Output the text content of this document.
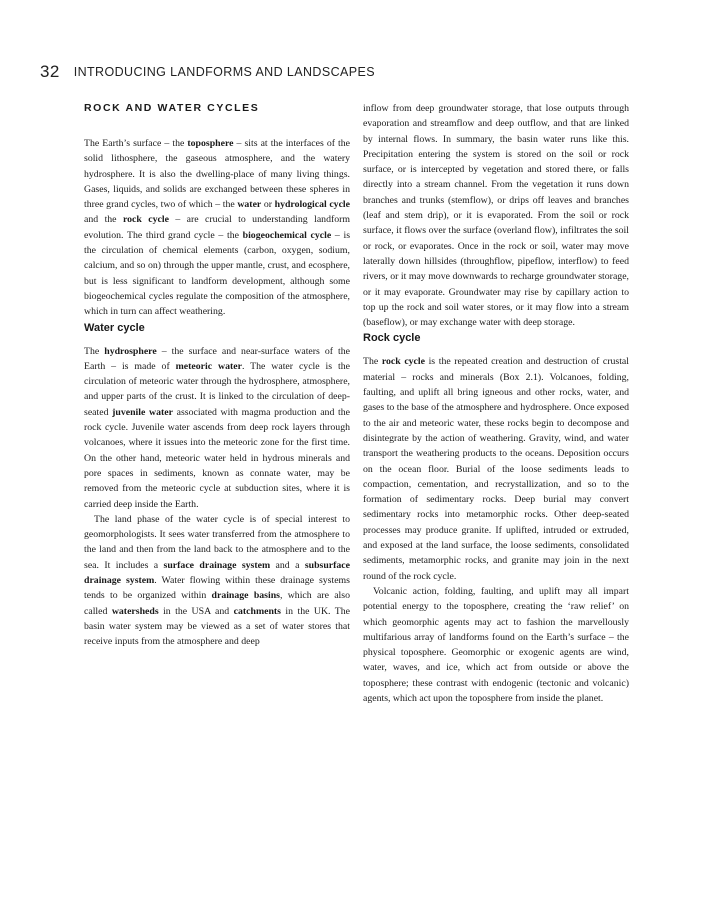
32 INTRODUCING LANDFORMS AND LANDSCAPES
ROCK AND WATER CYCLES

The Earth’s surface – the toposphere – sits at the interfaces of the solid lithosphere, the gaseous atmosphere, and the watery hydrosphere. It is also the dwelling-place of many living things. Gases, liquids, and solids are exchanged between these spheres in three grand cycles, two of which – the water or hydrological cycle and the rock cycle – are crucial to understanding landform evolution. The third grand cycle – the biogeochemical cycle – is the circulation of chemical elements (carbon, oxygen, sodium, calcium, and so on) through the upper mantle, crust, and ecosphere, but is less significant to landform development, although some biogeochemical cycles regulate the composition of the atmosphere, which in turn can affect weathering.

Water cycle

The hydrosphere – the surface and near-surface waters of the Earth – is made of meteoric water. The water cycle is the circulation of meteoric water through the hydrosphere, atmosphere, and upper parts of the crust. It is linked to the circulation of deep-seated juvenile water associated with magma production and the rock cycle. Juvenile water ascends from deep rock layers through volcanoes, where it issues into the meteoric zone for the first time. On the other hand, meteoric water held in hydrous minerals and pore spaces in sediments, known as connate water, may be removed from the meteoric cycle at subduction sites, where it is carried deep inside the Earth.

The land phase of the water cycle is of special interest to geomorphologists. It sees water transferred from the atmosphere to the land and then from the land back to the atmosphere and to the sea. It includes a surface drainage system and a subsurface drainage system. Water flowing within these drainage systems tends to be organized within drainage basins, which are also called watersheds in the USA and catchments in the UK. The basin water system may be viewed as a set of water stores that receive inputs from the atmosphere and deep

inflow from deep groundwater storage, that lose outputs through evaporation and streamflow and deep outflow, and that are linked by internal flows. In summary, the basin water runs like this. Precipitation entering the system is stored on the soil or rock surface, or is intercepted by vegetation and stored there, or falls directly into a stream channel. From the vegetation it runs down branches and trunks (stemflow), or drips off leaves and branches (leaf and stem drip), or it is evaporated. From the soil or rock surface, it flows over the surface (overland flow), infiltrates the soil or rock, or evaporates. Once in the rock or soil, water may move laterally down hillsides (throughflow, pipeflow, interflow) to feed rivers, or it may move downwards to recharge groundwater storage, or it may evaporate. Groundwater may rise by capillary action to top up the rock and soil water stores, or it may flow into a stream (baseflow), or may exchange water with deep storage.

Rock cycle

The rock cycle is the repeated creation and destruction of crustal material – rocks and minerals (Box 2.1). Volcanoes, folding, faulting, and uplift all bring igneous and other rocks, water, and gases to the base of the atmosphere and hydrosphere. Once exposed to the air and meteoric water, these rocks begin to decompose and disintegrate by the action of weathering. Gravity, wind, and water transport the weathering products to the oceans. Deposition occurs on the ocean floor. Burial of the loose sediments leads to compaction, cementation, and recrystallization, and so to the formation of sedimentary rocks. Deep burial may convert sedimentary rocks into metamorphic rocks. Other deep-seated processes may produce granite. If uplifted, intruded or extruded, and exposed at the land surface, the loose sediments, consolidated sediments, metamorphic rocks, and granite may join in the next round of the rock cycle.

Volcanic action, folding, faulting, and uplift may all impart potential energy to the toposphere, creating the ‘raw relief’ on which geomorphic agents may act to fashion the marvellously multifarious array of landforms found on the Earth’s surface – the physical toposphere. Geomorphic or exogenic agents are wind, water, waves, and ice, which act from outside or above the toposphere; these contrast with endogenic (tectonic and volcanic) agents, which act upon the toposphere from inside the planet.
